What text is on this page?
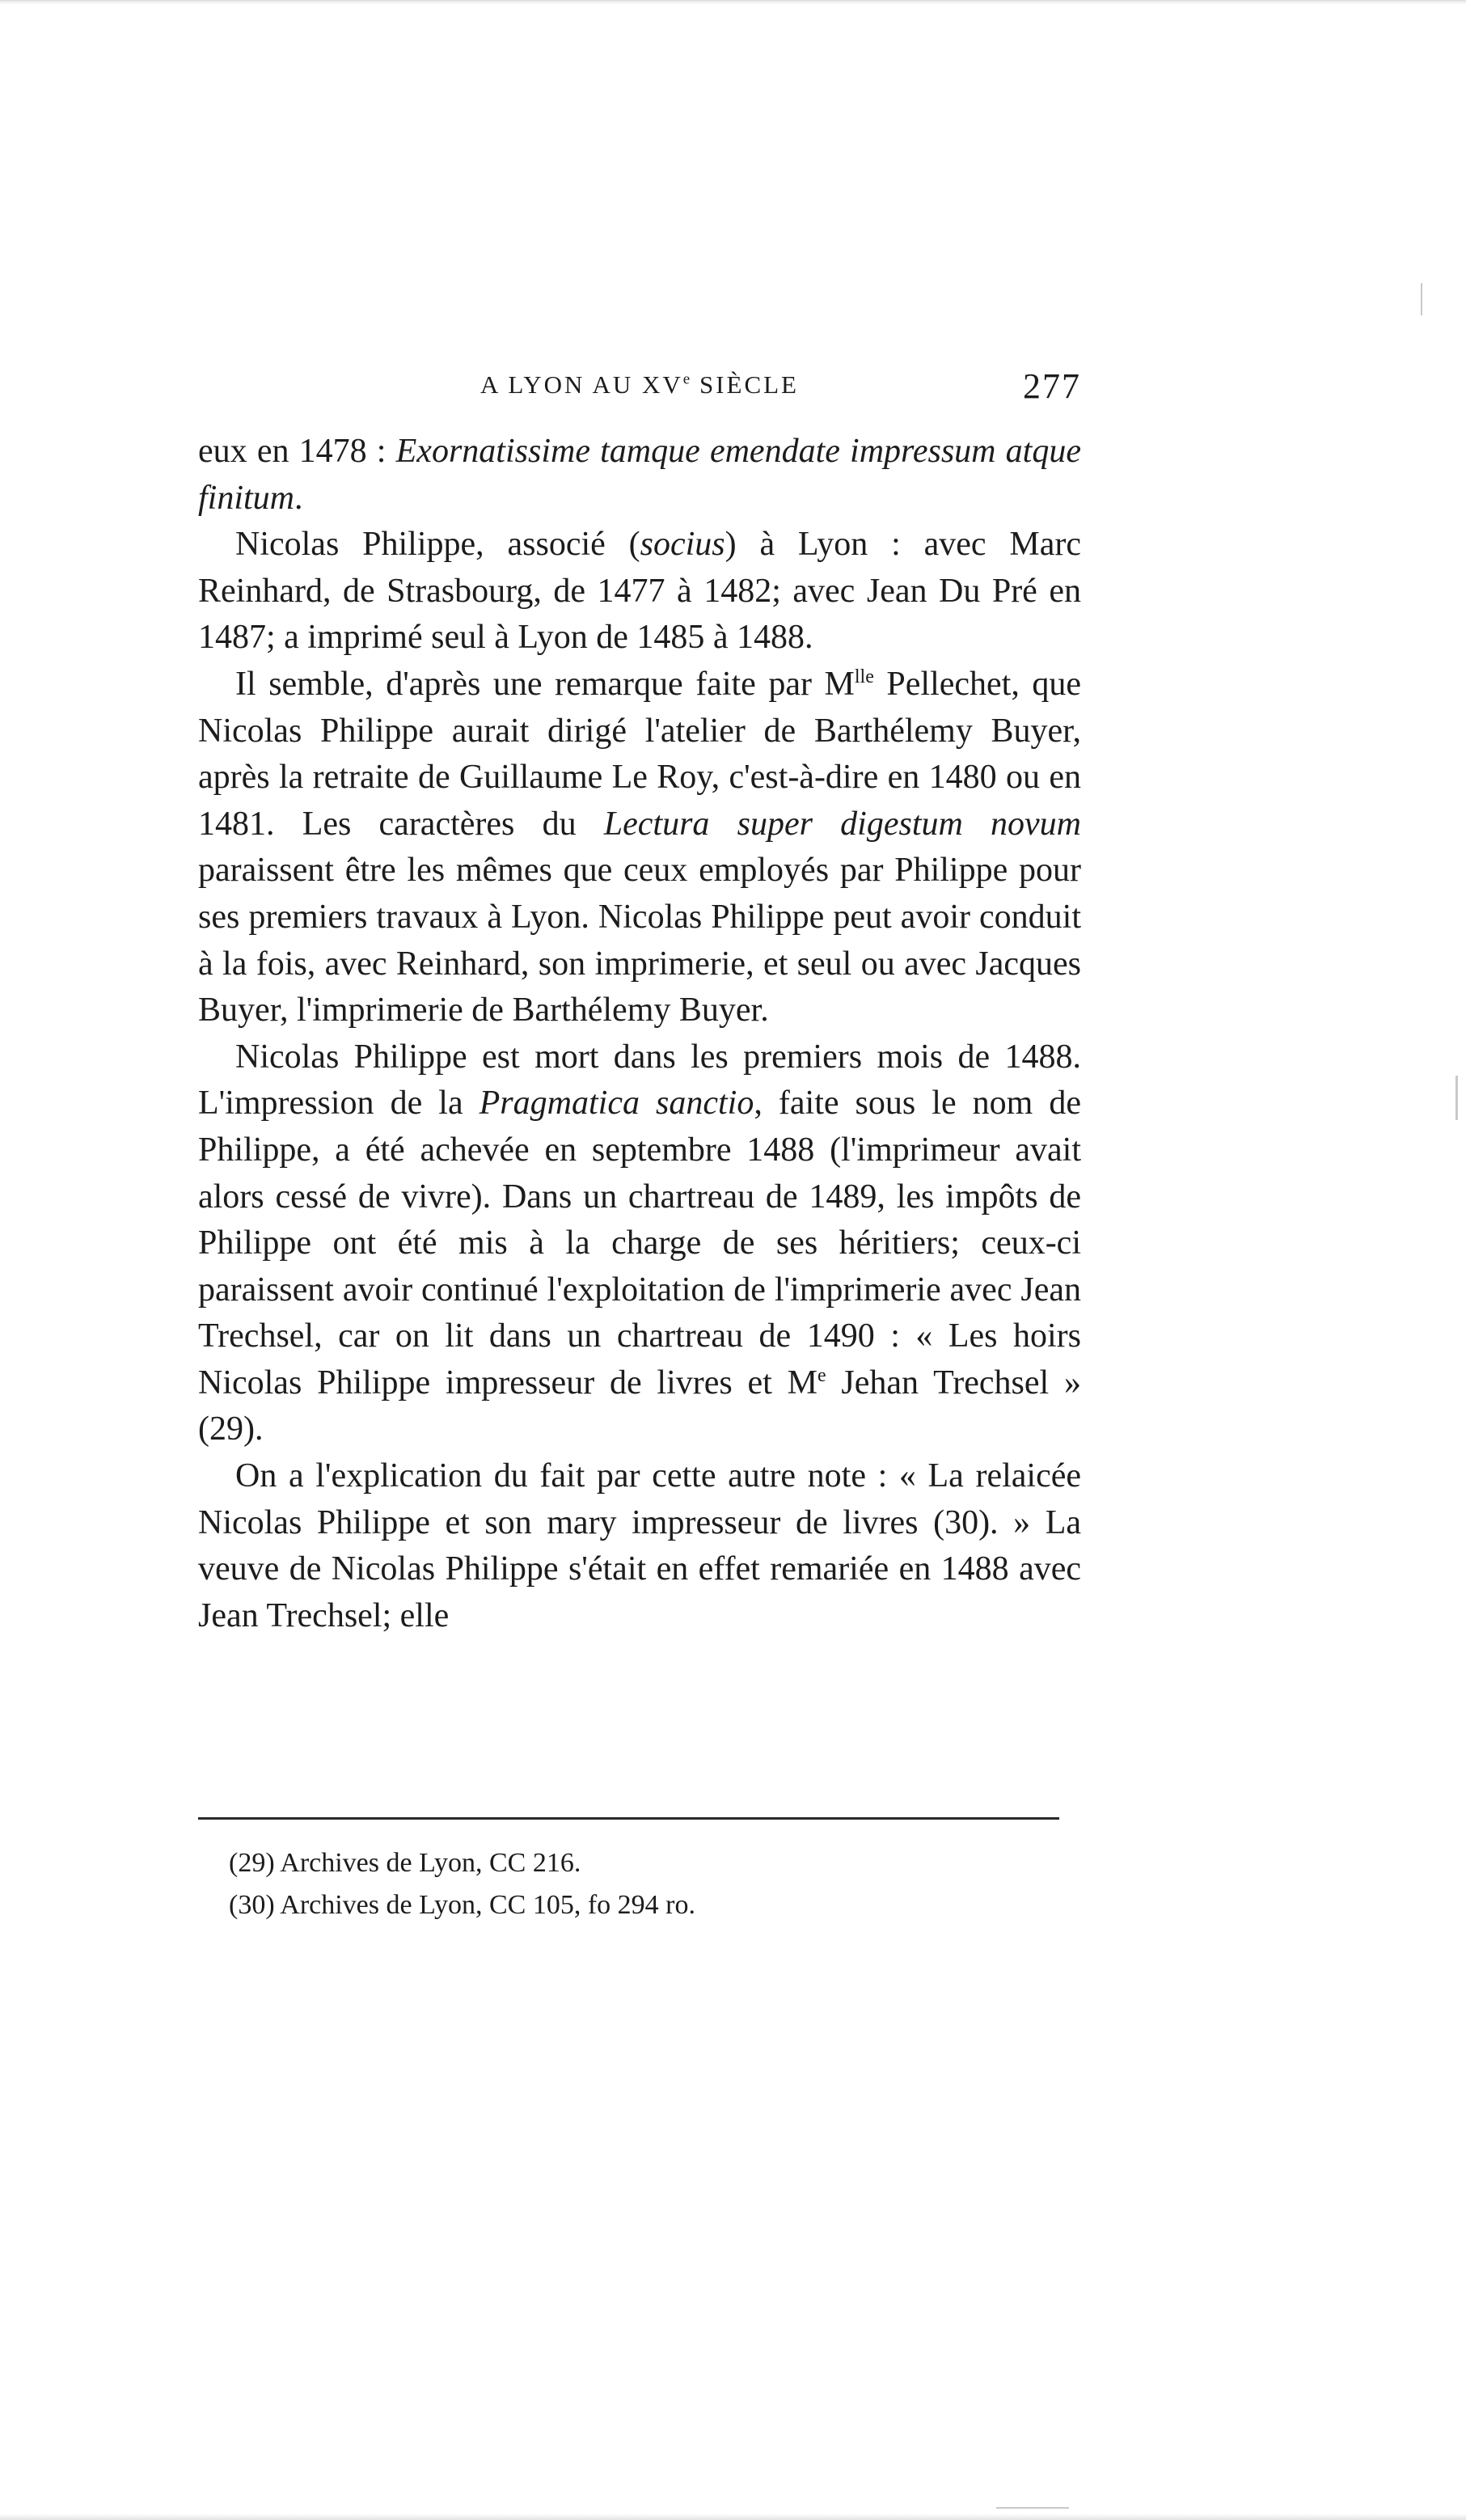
A LYON AU XVe SIÈCLE	277

eux en 1478 : Exornatissime tamque emendate impressum atque finitum.

Nicolas Philippe, associé (socius) à Lyon : avec Marc Reinhard, de Strasbourg, de 1477 à 1482; avec Jean Du Pré en 1487; a imprimé seul à Lyon de 1485 à 1488.

Il semble, d'après une remarque faite par $M^{lle}$ Pellechet, que Nicolas Philippe aurait dirigé l'atelier de Barthélemy Buyer, après la retraite de Guillaume Le Roy, c'est-à-dire en 1480 ou en 1481. Les caractères du Lectura super digestum novum paraissent être les mêmes que ceux employés par Philippe pour ses premiers travaux à Lyon. Nicolas Philippe peut avoir conduit à la fois, avec Reinhard, son imprimerie, et seul ou avec Jacques Buyer, l'imprimerie de Barthélemy Buyer.

Nicolas Philippe est mort dans les premiers mois de 1488. L'impression de la Pragmatica sanctio, faite sous le nom de Philippe, a été achevée en septembre 1488 (l'imprimeur avait alors cessé de vivre). Dans un chartreau de 1489, les impôts de Philippe ont été mis à la charge de ses héritiers; ceux-ci paraissent avoir continué l'exploitation de l'imprimerie avec Jean Trechsel, car on lit dans un chartreau de 1490 : « Les hoirs Nicolas Philippe impresseur de livres et Me Jehan Trechsel » (29).

On a l'explication du fait par cette autre note : « La relaicée Nicolas Philippe et son mary impresseur de livres (30). » La veuve de Nicolas Philippe s'était en effet remariée en 1488 avec Jean Trechsel; elle

(29) Archives de Lyon, CC 216.

(30) Archives de Lyon, CC 105, fo 294 ro.
